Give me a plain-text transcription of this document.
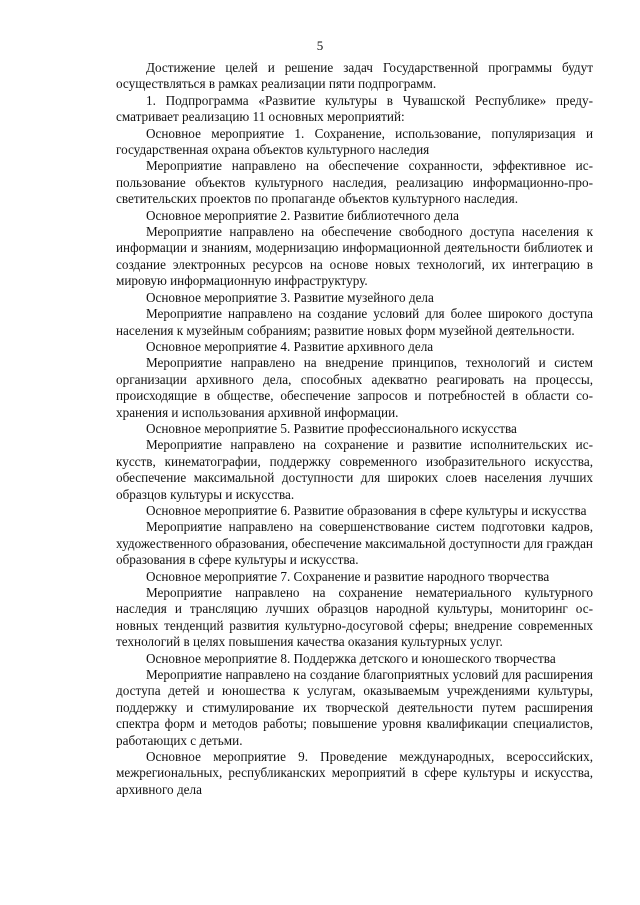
5

Достижение целей и решение задач Государственной программы будут осуществляться в рамках реализации пяти подпрограмм.

1. Подпрограмма «Развитие культуры в Чувашской Республике» предусматривает реализацию 11 основных мероприятий:

Основное мероприятие 1. Сохранение, использование, популяризация и государственная охрана объектов культурного наследия

Мероприятие направлено на обеспечение сохранности, эффективное использование объектов культурного наследия, реализацию информационно-просветительских проектов по пропаганде объектов культурного наследия.

Основное мероприятие 2. Развитие библиотечного дела

Мероприятие направлено на обеспечение свободного доступа населения к информации и знаниям, модернизацию информационной деятельности библиотек и создание электронных ресурсов на основе новых технологий, их интеграцию в мировую информационную инфраструктуру.

Основное мероприятие 3. Развитие музейного дела

Мероприятие направлено на создание условий для более широкого доступа населения к музейным собраниям; развитие новых форм музейной деятельности.

Основное мероприятие 4. Развитие архивного дела

Мероприятие направлено на внедрение принципов, технологий и систем организации архивного дела, способных адекватно реагировать на процессы, происходящие в обществе, обеспечение запросов и потребностей в области сохранения и использования архивной информации.

Основное мероприятие 5. Развитие профессионального искусства

Мероприятие направлено на сохранение и развитие исполнительских искусств, кинематографии, поддержку современного изобразительного искусства, обеспечение максимальной доступности для широких слоев населения лучших образцов культуры и искусства.

Основное мероприятие 6. Развитие образования в сфере культуры и искусства

Мероприятие направлено на совершенствование систем подготовки кадров, художественного образования, обеспечение максимальной доступности для граждан образования в сфере культуры и искусства.

Основное мероприятие 7. Сохранение и развитие народного творчества

Мероприятие направлено на сохранение нематериального культурного наследия и трансляцию лучших образцов народной культуры, мониторинг основных тенденций развития культурно-досуговой сферы; внедрение современных технологий в целях повышения качества оказания культурных услуг.

Основное мероприятие 8. Поддержка детского и юношеского творчества

Мероприятие направлено на создание благоприятных условий для расширения доступа детей и юношества к услугам, оказываемым учреждениями культуры, поддержку и стимулирование их творческой деятельности путем расширения спектра форм и методов работы; повышение уровня квалификации специалистов, работающих с детьми.

Основное мероприятие 9. Проведение международных, всероссийских, межрегиональных, республиканских мероприятий в сфере культуры и искусства, архивного дела
